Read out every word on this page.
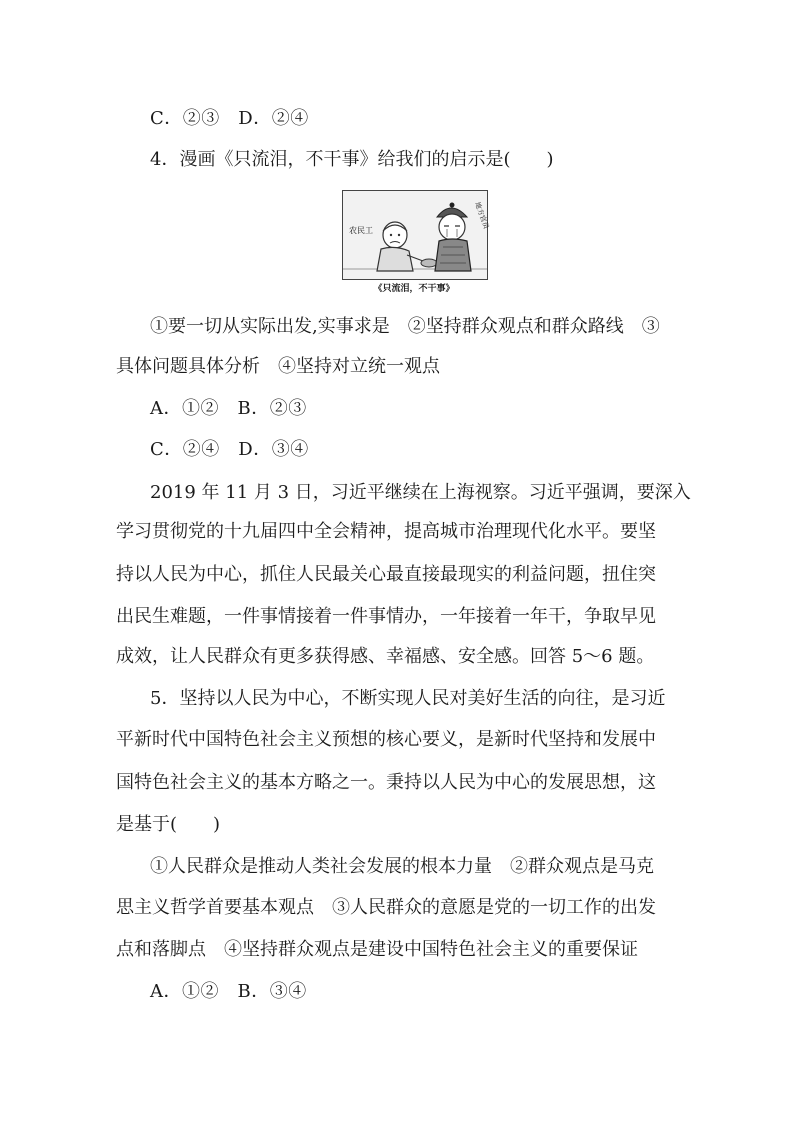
C．②③　D．②④
4．漫画《只流泪，不干事》给我们的启示是(　　)
农民工
地方官员
《只流泪，不干事》
①要一切从实际出发,实事求是　②坚持群众观点和群众路线　③
具体问题具体分析　④坚持对立统一观点
A．①②　B．②③
C．②④　D．③④
2019 年 11 月 3 日，习近平继续在上海视察。习近平强调，要深入
学习贯彻党的十九届四中全会精神，提高城市治理现代化水平。要坚
持以人民为中心，抓住人民最关心最直接最现实的利益问题，扭住突
出民生难题，一件事情接着一件事情办，一年接着一年干，争取早见
成效，让人民群众有更多获得感、幸福感、安全感。回答 5～6 题。
5．坚持以人民为中心，不断实现人民对美好生活的向往，是习近
平新时代中国特色社会主义预想的核心要义，是新时代坚持和发展中
国特色社会主义的基本方略之一。秉持以人民为中心的发展思想，这
是基于(　　)
①人民群众是推动人类社会发展的根本力量　②群众观点是马克
思主义哲学首要基本观点　③人民群众的意愿是党的一切工作的出发
点和落脚点　④坚持群众观点是建设中国特色社会主义的重要保证
A．①②　B．③④
